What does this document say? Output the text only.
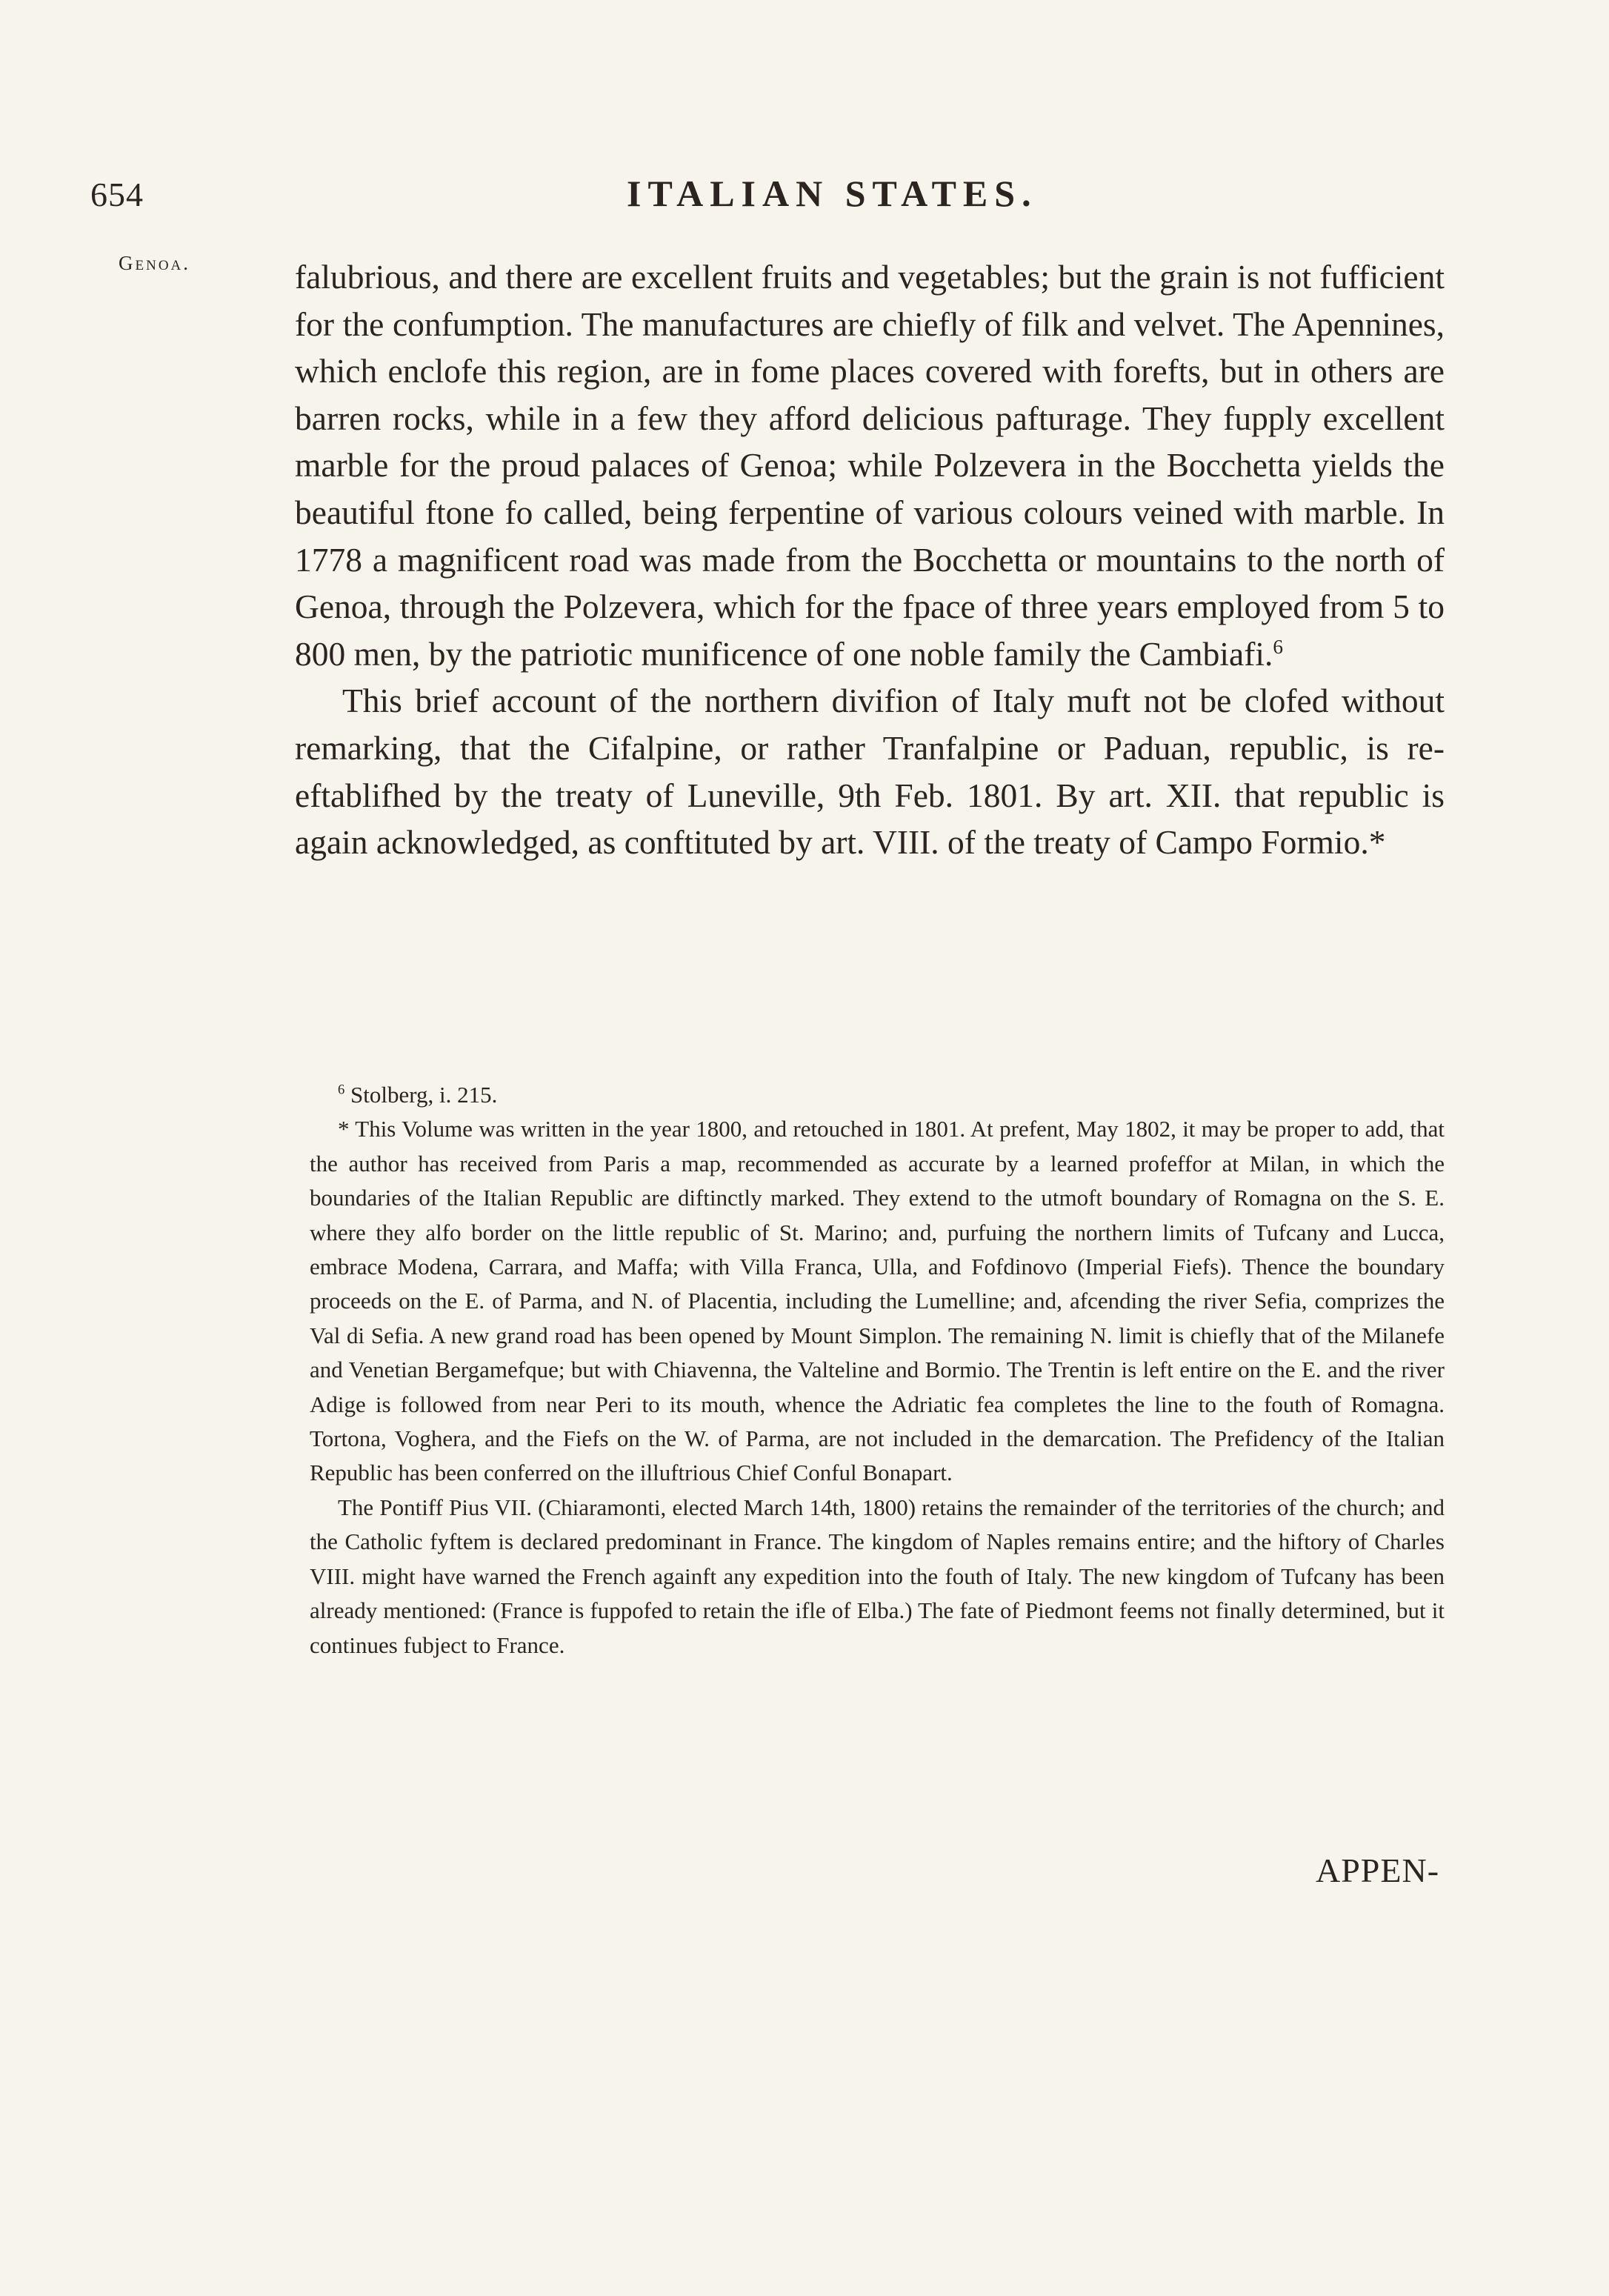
654	ITALIAN STATES.
Genoa.	falubrious, and there are excellent fruits and vegetables; but the grain is not fufficient for the confumption. The manufactures are chiefly of filk and velvet. The Apennines, which enclofe this region, are in fome places covered with forefts, but in others are barren rocks, while in a few they afford delicious pafturage. They fupply excellent marble for the proud palaces of Genoa; while Polzevera in the Bocchetta yields the beautiful ftone fo called, being ferpentine of various colours veined with marble. In 1778 a magnificent road was made from the Bocchetta or mountains to the north of Genoa, through the Polzevera, which for the fpace of three years employed from 5 to 800 men, by the patriotic munificence of one noble family the Cambiafi.$^6$

This brief account of the northern divifion of Italy muft not be clofed without remarking, that the Cifalpine, or rather Tranfalpine or Paduan, republic, is re-eftablifhed by the treaty of Luneville, 9th Feb. 1801. By art. XII. that republic is again acknowledged, as conftituted by art. VIII. of the treaty of Campo Formio.*

$^6$ Stolberg, i. 215.

* This Volume was written in the year 1800, and retouched in 1801. At prefent, May 1802, it may be proper to add, that the author has received from Paris a map, recommended as accurate by a learned profeffor at Milan, in which the boundaries of the Italian Republic are diftinctly marked. They extend to the utmoft boundary of Romagna on the S. E. where they alfo border on the little republic of St. Marino; and, purfuing the northern limits of Tufcany and Lucca, embrace Modena, Carrara, and Maffa; with Villa Franca, Ulla, and Fofdinovo (Imperial Fiefs). Thence the boundary proceeds on the E. of Parma, and N. of Placentia, including the Lumelline; and, afcending the river Sefia, comprizes the Val di Sefia. A new grand road has been opened by Mount Simplon. The remaining N. limit is chiefly that of the Milanefe and Venetian Bergamefque; but with Chiavenna, the Valteline and Bormio. The Trentin is left entire on the E. and the river Adige is followed from near Peri to its mouth, whence the Adriatic fea completes the line to the fouth of Romagna. Tortona, Voghera, and the Fiefs on the W. of Parma, are not included in the demarcation. The Prefidency of the Italian Republic has been conferred on the illuftrious Chief Conful Bonapart.

The Pontiff Pius VII. (Chiaramonti, elected March 14th, 1800) retains the remainder of the territories of the church; and the Catholic fyftem is declared predominant in France. The kingdom of Naples remains entire; and the hiftory of Charles VIII. might have warned the French againft any expedition into the fouth of Italy. The new kingdom of Tufcany has been already mentioned: (France is fuppofed to retain the ifle of Elba.) The fate of Piedmont feems not finally determined, but it continues fubject to France.

APPEN-
